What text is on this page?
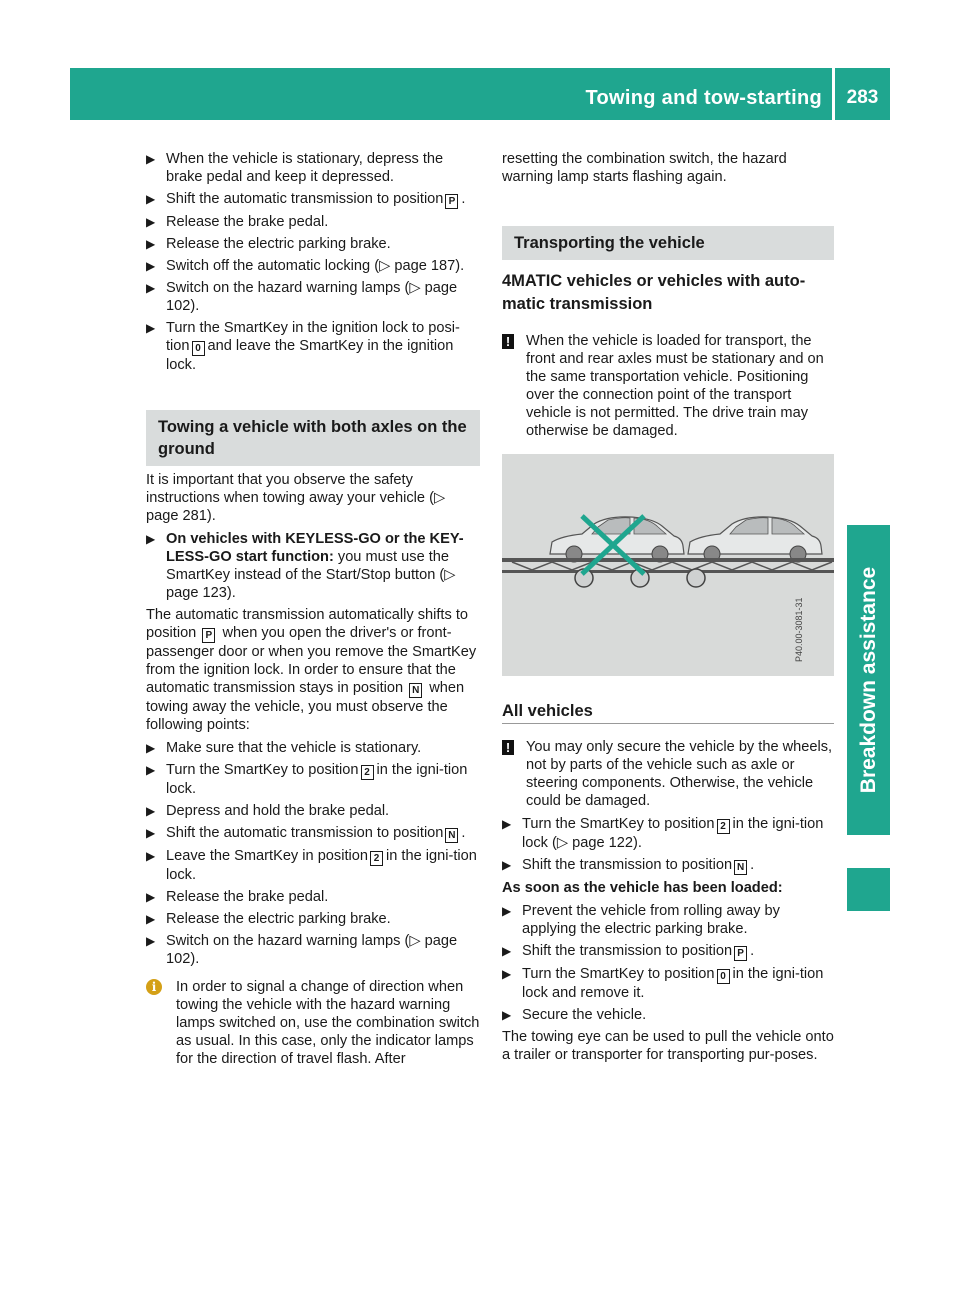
Towing and tow-starting	283
Breakdown assistance
▶ When the vehicle is stationary, depress the brake pedal and keep it depressed.
▶ Shift the automatic transmission to position P .
▶ Release the brake pedal.
▶ Release the electric parking brake.
▶ Switch off the automatic locking (▷ page 187).
▶ Switch on the hazard warning lamps (▷ page 102).
▶ Turn the SmartKey in the ignition lock to posi-tion 0 and leave the SmartKey in the ignition lock.
Towing a vehicle with both axles on the ground
It is important that you observe the safety instructions when towing away your vehicle (▷ page 281).
▶ On vehicles with KEYLESS-GO or the KEY-LESS-GO start function: you must use the SmartKey instead of the Start/Stop button (▷ page 123).
The automatic transmission automatically shifts to position P when you open the driver's or front-passenger door or when you remove the SmartKey from the ignition lock. In order to ensure that the automatic transmission stays in position N when towing away the vehicle, you must observe the following points:
▶ Make sure that the vehicle is stationary.
▶ Turn the SmartKey to position 2 in the igni-tion lock.
▶ Depress and hold the brake pedal.
▶ Shift the automatic transmission to position N .
▶ Leave the SmartKey in position 2 in the igni-tion lock.
▶ Release the brake pedal.
▶ Release the electric parking brake.
▶ Switch on the hazard warning lamps (▷ page 102).
i	In order to signal a change of direction when towing the vehicle with the hazard warning lamps switched on, use the combination switch as usual. In this case, only the indicator lamps for the direction of travel flash. After
resetting the combination switch, the hazard warning lamp starts flashing again.
Transporting the vehicle
4MATIC vehicles or vehicles with auto-matic transmission
! When the vehicle is loaded for transport, the front and rear axles must be stationary and on the same transportation vehicle. Positioning over the connection point of the transport vehicle is not permitted. The drive train may otherwise be damaged.
P40.00-3081-31
All vehicles
! You may only secure the vehicle by the wheels, not by parts of the vehicle such as axle or steering components. Otherwise, the vehicle could be damaged.
▶ Turn the SmartKey to position 2 in the igni-tion lock (▷ page 122).
▶ Shift the transmission to position N .
As soon as the vehicle has been loaded:
▶ Prevent the vehicle from rolling away by applying the electric parking brake.
▶ Shift the transmission to position P .
▶ Turn the SmartKey to position 0 in the igni-tion lock and remove it.
▶ Secure the vehicle.
The towing eye can be used to pull the vehicle onto a trailer or transporter for transporting pur-poses.
